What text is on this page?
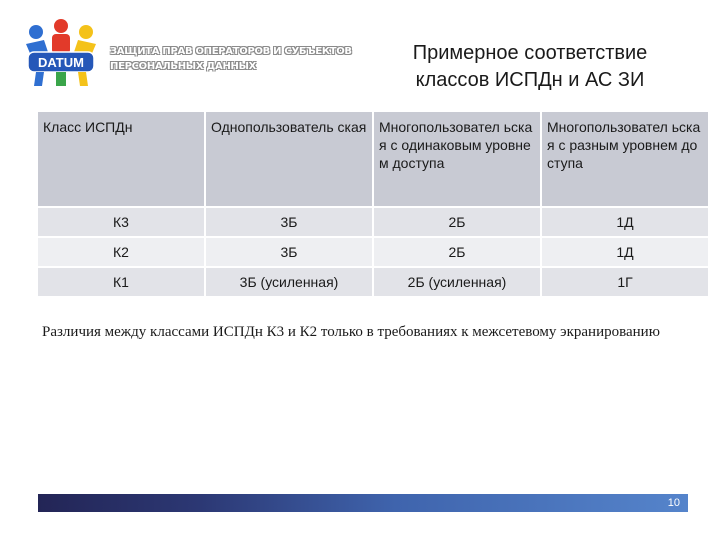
DATUM
ЗАЩИТА ПРАВ ОПЕРАТОРОВ И СУБЪЕКТОВ ПЕРСОНАЛЬНЫХ ДАННЫХ
Примерное соответствие классов ИСПДн и АС ЗИ
Класс ИСПДн	Однопользователь ская	Многопользовател ьская с одинаковым уровнем доступа	Многопользовател ьская с разным уровнем доступа
К3	3Б	2Б	1Д
К2	3Б	2Б	1Д
К1	3Б (усиленная)	2Б (усиленная)	1Г
Различия между классами ИСПДн К3 и К2 только в требованиях к межсетевому экранированию
10
